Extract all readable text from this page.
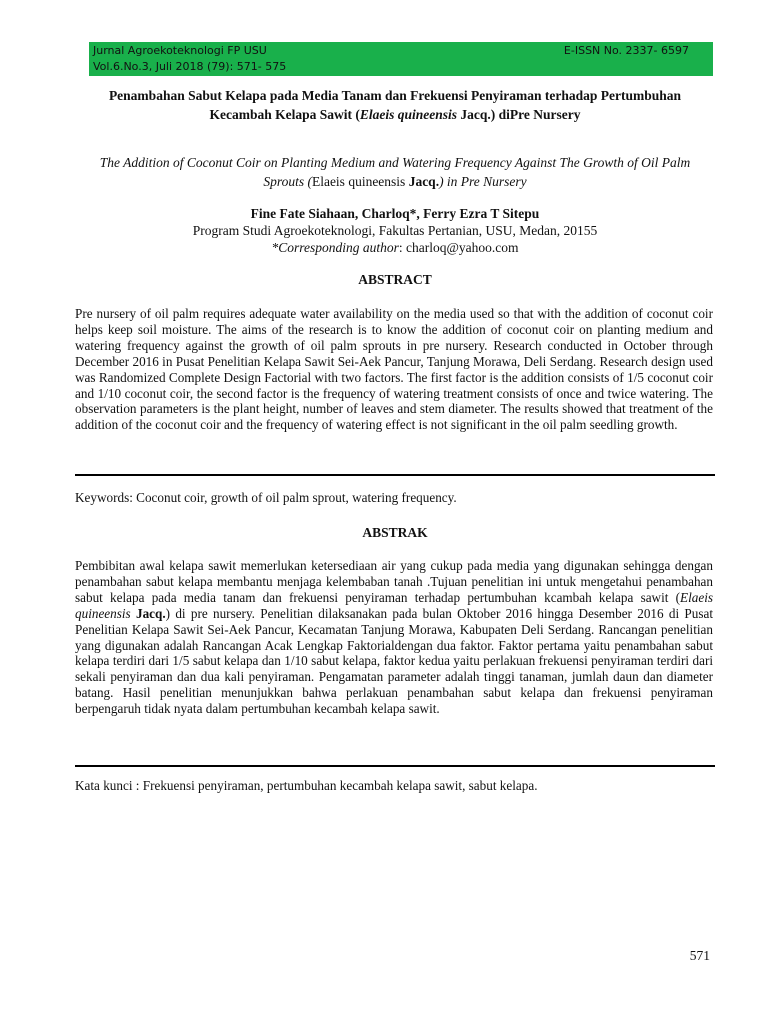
Jurnal Agroekoteknologi FP USU
Vol.6.No.3, Juli 2018 (79): 571- 575
E-ISSN No. 2337- 6597
Penambahan Sabut Kelapa pada Media Tanam dan Frekuensi Penyiraman terhadap Pertumbuhan Kecambah Kelapa Sawit (Elaeis quineensis Jacq.) diPre Nursery
The Addition of Coconut Coir on Planting Medium and Watering Frequency Against The Growth of Oil Palm Sprouts (Elaeis quineensis Jacq.) in Pre Nursery
Fine Fate Siahaan, Charloq*, Ferry Ezra T Sitepu
Program Studi Agroekoteknologi, Fakultas Pertanian, USU, Medan, 20155
*Corresponding author: charloq@yahoo.com
ABSTRACT
Pre nursery of oil palm requires adequate water availability on the media used so that with the addition of coconut coir helps keep soil moisture. The aims of the research is to know the addition of coconut coir on planting medium and watering frequency against the growth of oil palm sprouts in pre nursery. Research conducted in October through December 2016 in Pusat Penelitian Kelapa Sawit Sei-Aek Pancur, Tanjung Morawa, Deli Serdang. Research design used was Randomized Complete Design Factorial with two factors. The first factor is the addition consists of 1/5 coconut coir and 1/10 coconut coir, the second factor is the frequency of watering treatment consists of once and twice watering. The observation parameters is the plant height, number of leaves and stem diameter. The results showed that treatment of the addition of the coconut coir and the frequency of watering effect is not significant in the oil palm seedling growth.
Keywords: Coconut coir, growth of oil palm sprout, watering frequency.
ABSTRAK
Pembibitan awal kelapa sawit memerlukan ketersediaan air yang cukup pada media yang digunakan sehingga dengan penambahan sabut kelapa membantu menjaga kelembaban tanah .Tujuan penelitian ini untuk mengetahui penambahan sabut kelapa pada media tanam dan frekuensi penyiraman terhadap pertumbuhan kcambah kelapa sawit (Elaeis quineensis Jacq.) di pre nursery. Penelitian dilaksanakan pada bulan Oktober 2016 hingga Desember 2016 di Pusat Penelitian Kelapa Sawit Sei-Aek Pancur, Kecamatan Tanjung Morawa, Kabupaten Deli Serdang. Rancangan penelitian yang digunakan adalah Rancangan Acak Lengkap Faktorialdengan dua faktor. Faktor pertama yaitu penambahan sabut kelapa terdiri dari 1/5 sabut kelapa dan 1/10 sabut kelapa, faktor kedua yaitu perlakuan frekuensi penyiraman terdiri dari sekali penyiraman dan dua kali penyiraman. Pengamatan parameter adalah tinggi tanaman, jumlah daun dan diameter batang. Hasil penelitian menunjukkan bahwa perlakuan penambahan sabut kelapa dan frekuensi penyiraman berpengaruh tidak nyata dalam pertumbuhan kecambah kelapa sawit.
Kata kunci : Frekuensi penyiraman, pertumbuhan kecambah kelapa sawit, sabut kelapa.
571
